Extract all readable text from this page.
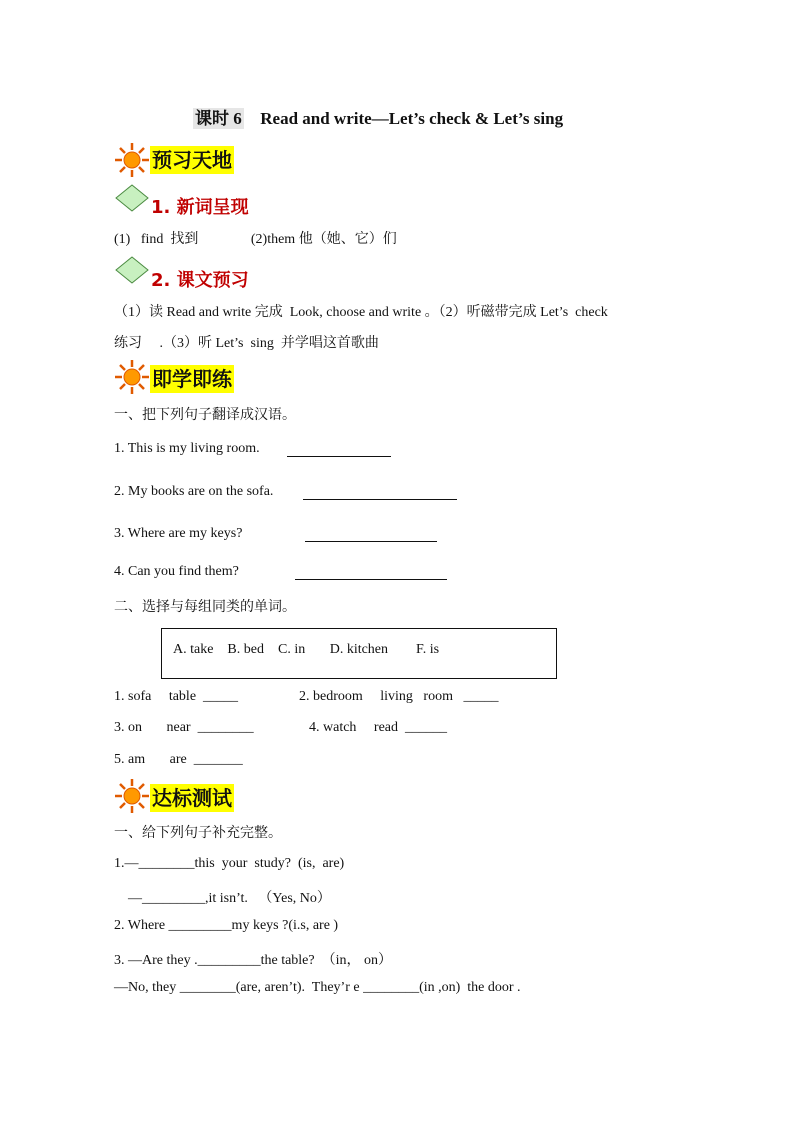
课时 6 Read and write—Let’s check & Let’s sing
预习天地
1. 新词呈现
(1)   find  找到               (2)them 他（她、它）们
2. 课文预习
（1）读 Read and write 完成  Look, choose and write 。（2）听磁带完成 Let’s  check
练习     .（3）听 Let’s  sing  并学唱这首歌曲
即学即练
一、把下列句子翻译成汉语。
1. This is my living room.
2. My books are on the sofa.
3. Where are my keys?
4. Can you find them?
二、选择与每组同类的单词。
A. take    B. bed    C. in       D. kitchen        F. is
1. sofa     table  _____	2. bedroom     living   room   _____
3. on       near  ________	4. watch     read  ______
5. am       are  _______
达标测试
一、给下列句子补充完整。
1.—________this  your  study?  (is,  are)
—_________,it isn’t.   （Yes, No）
2. Where _________my keys ?(i.s, are )
3. —Are they ._________the table?  （in， on）
—No, they ________(are, aren’t).  They’r e ________(in ,on)  the door .
